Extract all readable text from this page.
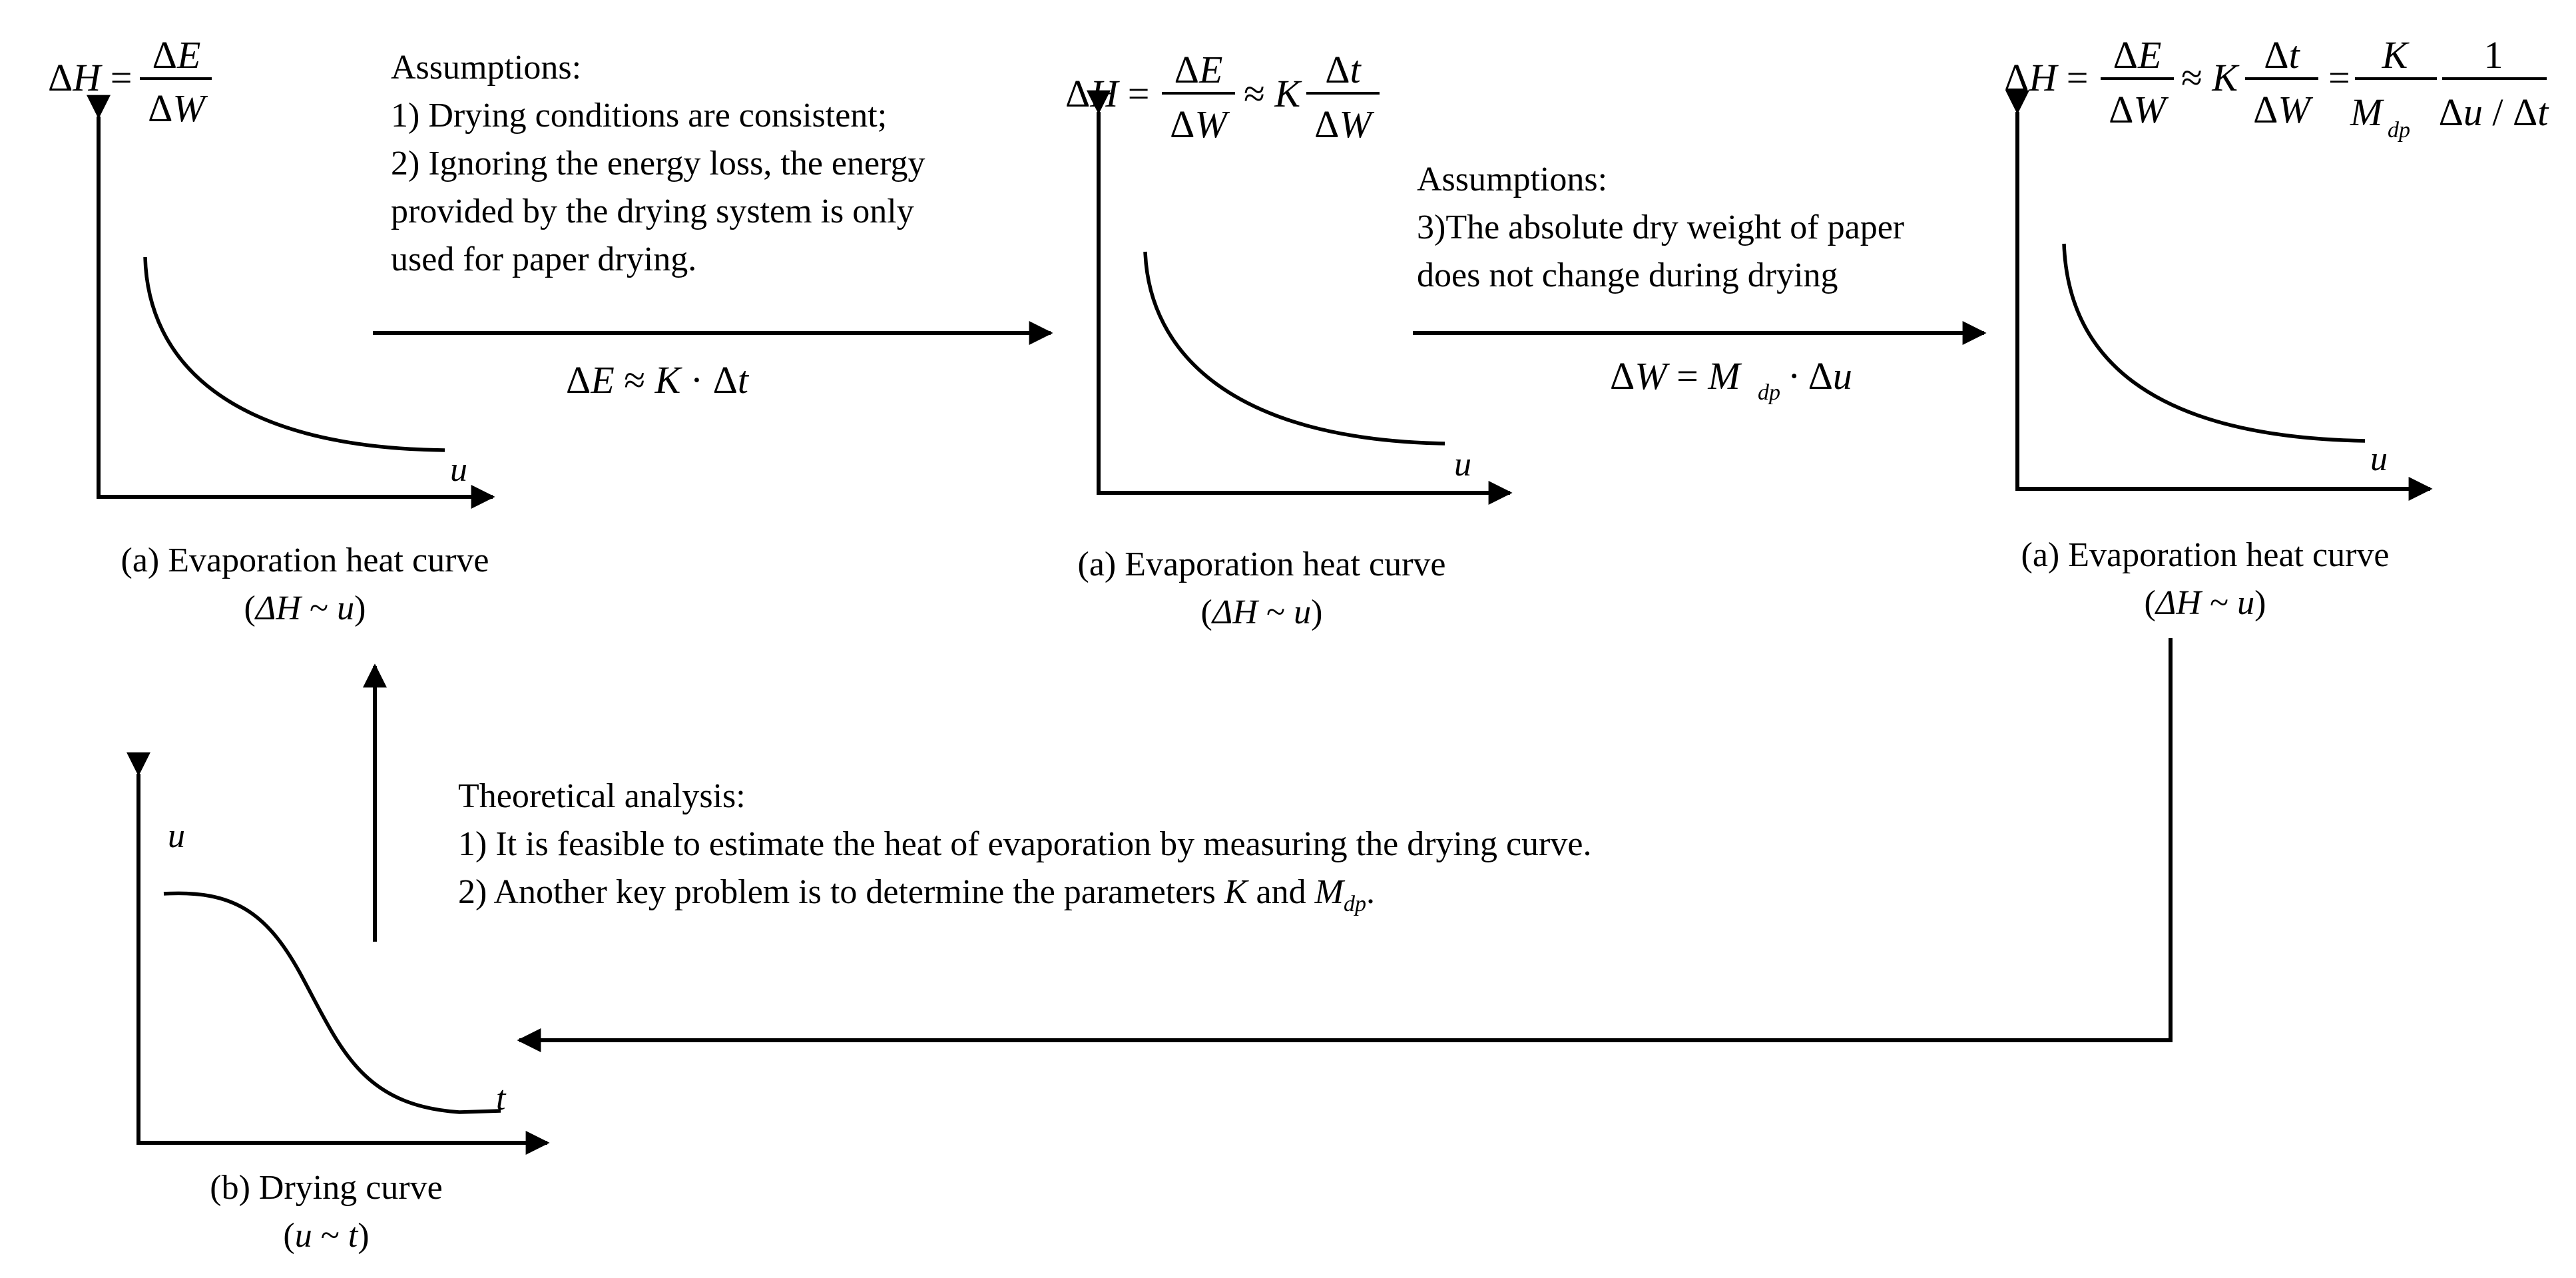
ΔH =
ΔE
ΔW
u
(a) Evaporation heat curve
(ΔH ~ u)
Assumptions:
1) Drying conditions are consistent;
2) Ignoring the energy loss, the energy
provided by the drying system is only
used for paper drying.
ΔE ≈ K · Δt
ΔH =
ΔE
ΔW
≈ K
Δt
ΔW
u
(a) Evaporation heat curve
(ΔH ~ u)
Assumptions:
3)The absolute dry weight of paper
does not change during drying
ΔW = M dp · Δu
ΔH =
ΔE
ΔW
≈ K
Δt
ΔW
=
K
M dp
1
Δu / Δt
u
(a) Evaporation heat curve
(ΔH ~ u)
u
t
(b) Drying curve
(u ~ t)
Theoretical analysis:
1) It is feasible to estimate the heat of evaporation by measuring the drying curve.
2) Another key problem is to determine the parameters K and $M_{dp}$.
